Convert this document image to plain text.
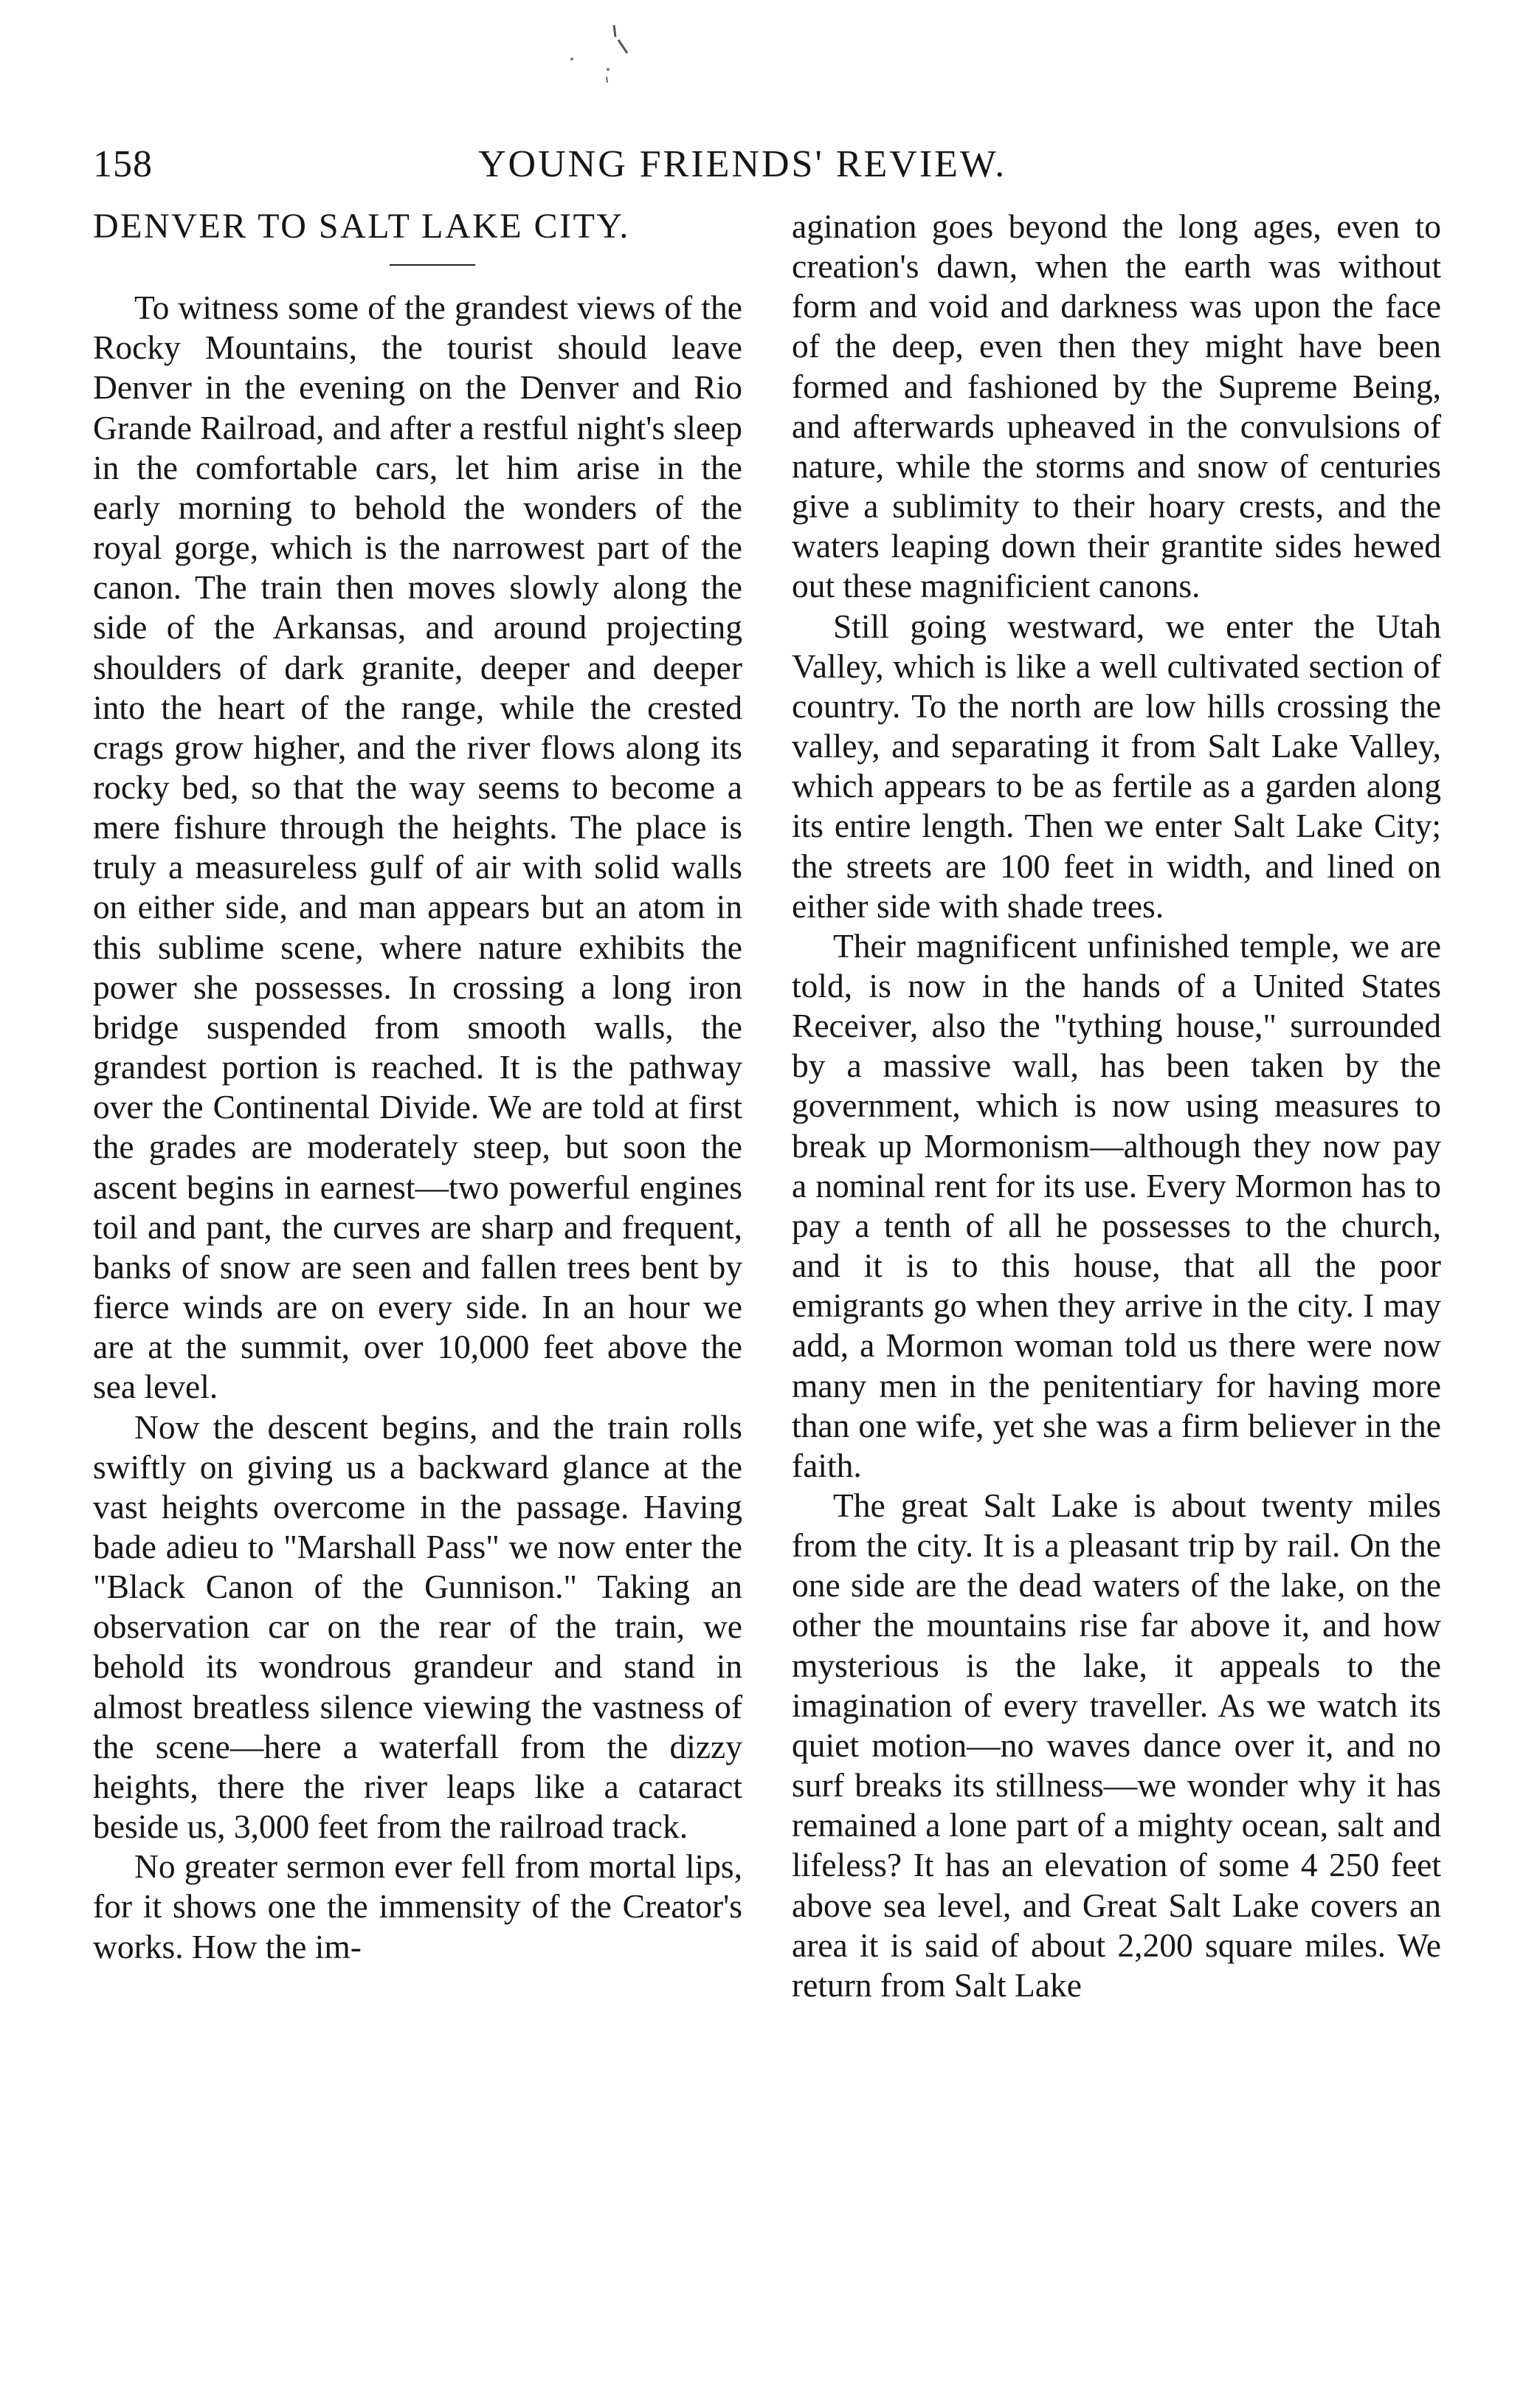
158	YOUNG FRIENDS' REVIEW.
DENVER TO SALT LAKE CITY.

To witness some of the grandest views of the Rocky Mountains, the tourist should leave Denver in the evening on the Denver and Rio Grande Railroad, and after a restful night's sleep in the comfortable cars, let him arise in the early morning to behold the wonders of the royal gorge, which is the narrowest part of the canon. The train then moves slowly along the side of the Arkansas, and around projecting shoulders of dark granite, deeper and deeper into the heart of the range, while the crested crags grow higher, and the river flows along its rocky bed, so that the way seems to become a mere fishure through the heights. The place is truly a measureless gulf of air with solid walls on either side, and man appears but an atom in this sublime scene, where nature exhibits the power she possesses. In crossing a long iron bridge suspended from smooth walls, the grandest portion is reached. It is the pathway over the Continental Divide. We are told at first the grades are moderately steep, but soon the ascent begins in earnest—two powerful engines toil and pant, the curves are sharp and frequent, banks of snow are seen and fallen trees bent by fierce winds are on every side. In an hour we are at the summit, over 10,000 feet above the sea level.

Now the descent begins, and the train rolls swiftly on giving us a backward glance at the vast heights overcome in the passage. Having bade adieu to "Marshall Pass" we now enter the "Black Canon of the Gunnison." Taking an observation car on the rear of the train, we behold its wondrous grandeur and stand in almost breatless silence viewing the vastness of the scene—here a waterfall from the dizzy heights, there the river leaps like a cataract beside us, 3,000 feet from the railroad track.

No greater sermon ever fell from mortal lips, for it shows one the immensity of the Creator's works. How the im-

agination goes beyond the long ages, even to creation's dawn, when the earth was without form and void and darkness was upon the face of the deep, even then they might have been formed and fashioned by the Supreme Being, and afterwards upheaved in the convulsions of nature, while the storms and snow of centuries give a sublimity to their hoary crests, and the waters leaping down their grantite sides hewed out these magnificient canons.

Still going westward, we enter the Utah Valley, which is like a well cultivated section of country. To the north are low hills crossing the valley, and separating it from Salt Lake Valley, which appears to be as fertile as a garden along its entire length. Then we enter Salt Lake City; the streets are 100 feet in width, and lined on either side with shade trees.

Their magnificent unfinished temple, we are told, is now in the hands of a United States Receiver, also the "tything house," surrounded by a massive wall, has been taken by the government, which is now using measures to break up Mormonism—although they now pay a nominal rent for its use. Every Mormon has to pay a tenth of all he possesses to the church, and it is to this house, that all the poor emigrants go when they arrive in the city. I may add, a Mormon woman told us there were now many men in the penitentiary for having more than one wife, yet she was a firm believer in the faith.

The great Salt Lake is about twenty miles from the city. It is a pleasant trip by rail. On the one side are the dead waters of the lake, on the other the mountains rise far above it, and how mysterious is the lake, it appeals to the imagination of every traveller. As we watch its quiet motion—no waves dance over it, and no surf breaks its stillness—we wonder why it has remained a lone part of a mighty ocean, salt and lifeless? It has an elevation of some 4 250 feet above sea level, and Great Salt Lake covers an area it is said of about 2,200 square miles. We return from Salt Lake
